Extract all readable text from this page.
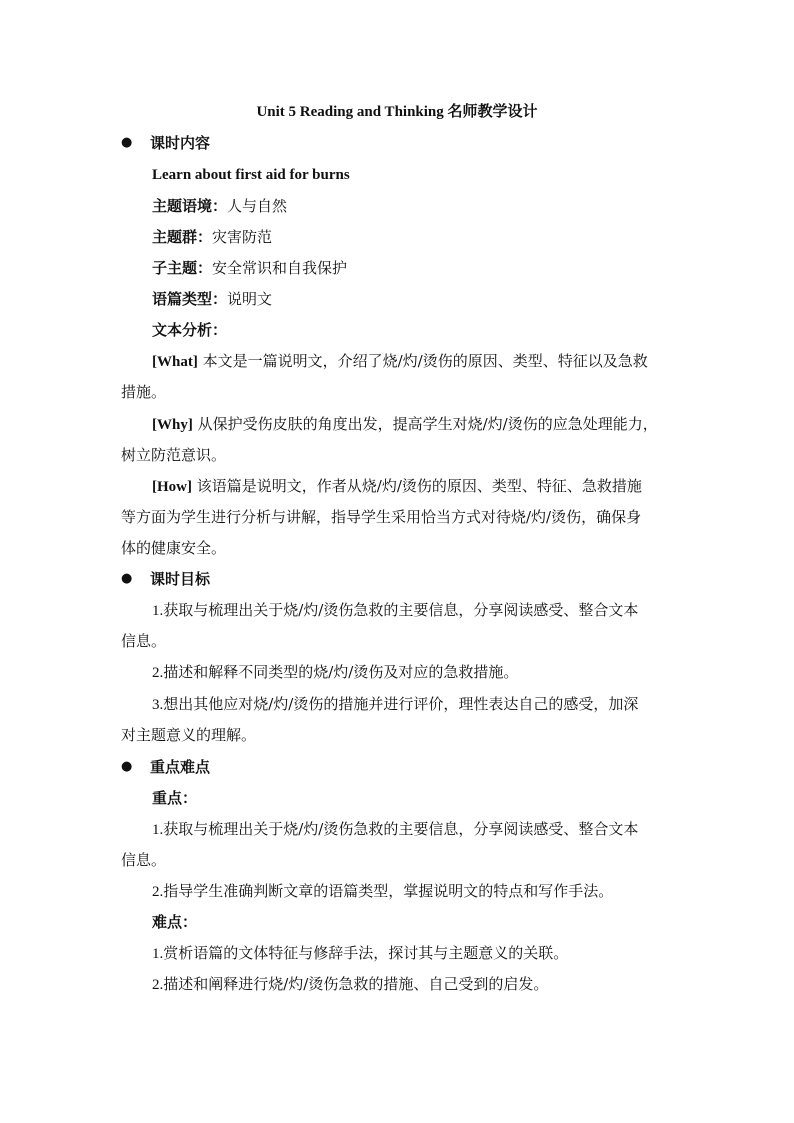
Unit 5 Reading and Thinking 名师教学设计
● 课时内容
Learn about first aid for burns
主题语境：人与自然
主题群：灾害防范
子主题：安全常识和自我保护
语篇类型：说明文
文本分析：
[What] 本文是一篇说明文，介绍了烧/灼/烫伤的原因、类型、特征以及急救
措施。
[Why] 从保护受伤皮肤的角度出发，提高学生对烧/灼/烫伤的应急处理能力，
树立防范意识。
[How] 该语篇是说明文，作者从烧/灼/烫伤的原因、类型、特征、急救措施
等方面为学生进行分析与讲解，指导学生采用恰当方式对待烧/灼/烫伤，确保身
体的健康安全。
● 课时目标
1.获取与梳理出关于烧/灼/烫伤急救的主要信息，分享阅读感受、整合文本
信息。
2.描述和解释不同类型的烧/灼/烫伤及对应的急救措施。
3.想出其他应对烧/灼/烫伤的措施并进行评价，理性表达自己的感受，加深
对主题意义的理解。
● 重点难点
重点：
1.获取与梳理出关于烧/灼/烫伤急救的主要信息，分享阅读感受、整合文本
信息。
2.指导学生准确判断文章的语篇类型，掌握说明文的特点和写作手法。
难点：
1.赏析语篇的文体特征与修辞手法，探讨其与主题意义的关联。
2.描述和阐释进行烧/灼/烫伤急救的措施、自己受到的启发。
